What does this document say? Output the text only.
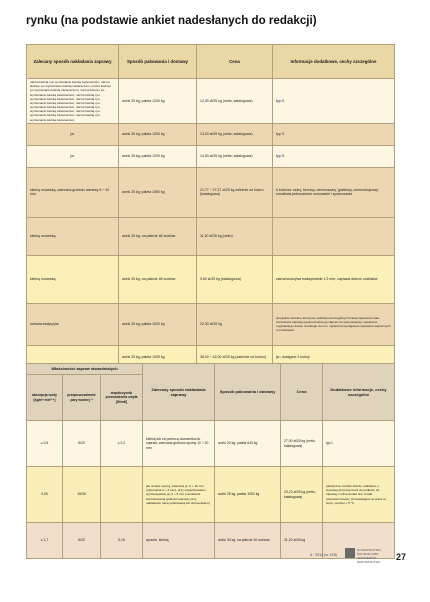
rynku (na podstawie ankiet nadesłanych do redakcji)
Zalecany sposób nakładania zaprawy	Sposób pakowania i dostawy	Cena	Informacje dodatkowe, cechy szczególne
narzut kielnią i po wyrównaniu kielnią zacieraczem; narzut kielnią i po wyrównaniu kielnią zacieraczem; narzut kielnią i po wyrównaniu kielnią zacieraczem; narzut kielnią i po wyrównaniu kielnią zacieraczem; narzut kielnią i po wyrównaniu kielnią zacieraczem; narzut kielnią i po wyrównaniu kielnią zacieraczem; narzut kielnią i po wyrównaniu kielnią zacieraczem; narzut kielnią i po wyrównaniu kielnią zacieraczem; narzut kielnią i po wyrównaniu kielnią zacieraczem; narzut kielnią i po wyrównaniu kielnią zacieraczem;	worki 25 kg; paleta 1200 kg	12,00 zł/25 kg (netto, katalogowa)	typ G
jw.	worki 25 kg; paleta 1200 kg	13,00 zł/25 kg (netto, katalogowa)	typ G
jw.	worki 25 kg; paleta 1200 kg	14,50 zł/25 kg (netto, katalogowa)	typ G
kielnią murarską, zalecana grubość warstwy 6 ÷ 40 mm	worki 25 kg; paleta 1050 kg	21,77 ÷ 27,27 zł/25 kg zależnie od koloru (katalogowa)	6 kolorów: szary, beżowy, ciemnoszary, grafitowy, ciemnobrązowy; umożliwia jednoczesne murowanie i spoinowanie
kielnią murarską	worki 25 kg, na palecie 48 worków	11,20 zł/25 kg (netto)	
kielnią murarską	worki 25 kg, na palecie 48 worków	9,60 zł/25 kg (katalogowa)	ziarna kruszywa maksymalnie 1,2 mm; zaprawa dobrze urabialna
metoda tradycyjna	worki 25 kg; paleta 1000 kg	22,30 zł/25 kg	specjalnie dobrane kruszywo (udział poszczególnych frakcji zapewnia małe, szczelność zaprawy (jednocześnie jej zapraw do spoinowania); zawartość oryginalnego trassu reńskiego do min. ogranicza wystąpienie wykwitów wapiennych i przebarwień
	worki 25 kg; paleta 1000 kg	38,00 ÷ 42,00 zł/25 kg (zależnie od koloru)	jw.; dostępne 2 kolory
Właściwości zapraw stwardniałych			Zalecany sposób nakładania zaprawy	Sposób pakowania i dostawy	Cena	Dodatkowe informacje, cechy szczególne
absorpcja wody [kg/m²·min⁰·⁵]	przepuszczalność pary wodnej ¹⁾	współczynnik przewodzenia ciepła [W/mK]				
≤ 0,5	5/20	≤ 0,2	kielnią lub za pomocą dozownika do zapraw; zalecana grubość spoiny 10 ÷ 20 mm	worki 20 kg; paleta 640 kg	27,00 zł/20 kg (netto, katalogowa)	typ L
0,05	15/35		jak cienkie spoiny, zalecana gr. 2 ÷ 10 mm (optymalna 2 ÷ 3 mm), przy szpachlowaniu i wyrównywaniu gr. 2 ÷ 5 mm (możliwość kontrolowania grubości warstwy przy nakładaniu pacą zębkowaną lub dozownikiem)	worki 25 kg; paleta 1050 kg	20,22 zł/25 kg (netto, katalogowa)	plastyczna, bardzo dobrze urabialna, o wysokiej przyczepności do podłoża, do zaprawy można dodać tzw. środki przeciwmrozowe; przeważająca na prace w temp. poniżej + 5 °C
≤ 1,7	5/20	0,19	ręcznie, kielnią	worki 30 kg; na palecie 40 worków	31,20 zł/30 kg	
4 · 2012 (nr 478)
WYDAWNICTWO
POLSKIEJ IZBY
INŻYNIERÓW BUDOWNICTWA
27
